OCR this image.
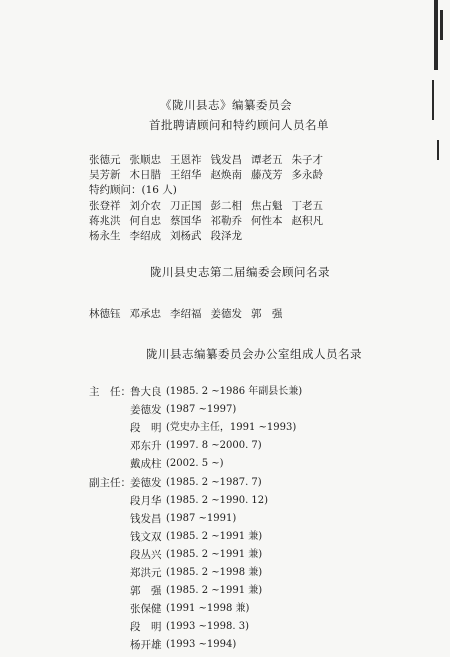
《陇川县志》编纂委员会
首批聘请顾问和特约顾问人员名单
张德元 张顺忠 王恩祚 钱发昌 谭老五 朱子才
吴芳新 木日腊 王绍华 赵焕南 藤茂芳 多永龄
特约顾问：(16 人)
张登祥 刘介农 刀正国 彭二相 焦占魁 丁老五
蒋兆洪 何自忠 蔡国华 祁勒乔 何性本 赵积凡
杨永生 李绍成 刘杨武 段泽龙
陇川县史志第二届编委会顾问名录
林德钰 邓承忠 李绍福 姜德发 郭　强
陇川县志编纂委员会办公室组成人员名录
主　任： 鲁大良 (1985. 2 ~1986 年副县长兼)
姜德发 (1987 ~1997)
段　明 (党史办主任，1991 ~1993)
邓东升 (1997. 8 ~2000. 7)
戴成柱 (2002. 5 ~)
副主任： 姜德发 (1985. 2 ~1987. 7)
段月华 (1985. 2 ~1990. 12)
钱发昌 (1987 ~1991)
钱文双 (1985. 2 ~1991 兼)
段丛兴 (1985. 2 ~1991 兼)
郑洪元 (1985. 2 ~1998 兼)
郭　强 (1985. 2 ~1991 兼)
张保健 (1991 ~1998 兼)
段　明 (1993 ~1998. 3)
杨开雄 (1993 ~1994)
